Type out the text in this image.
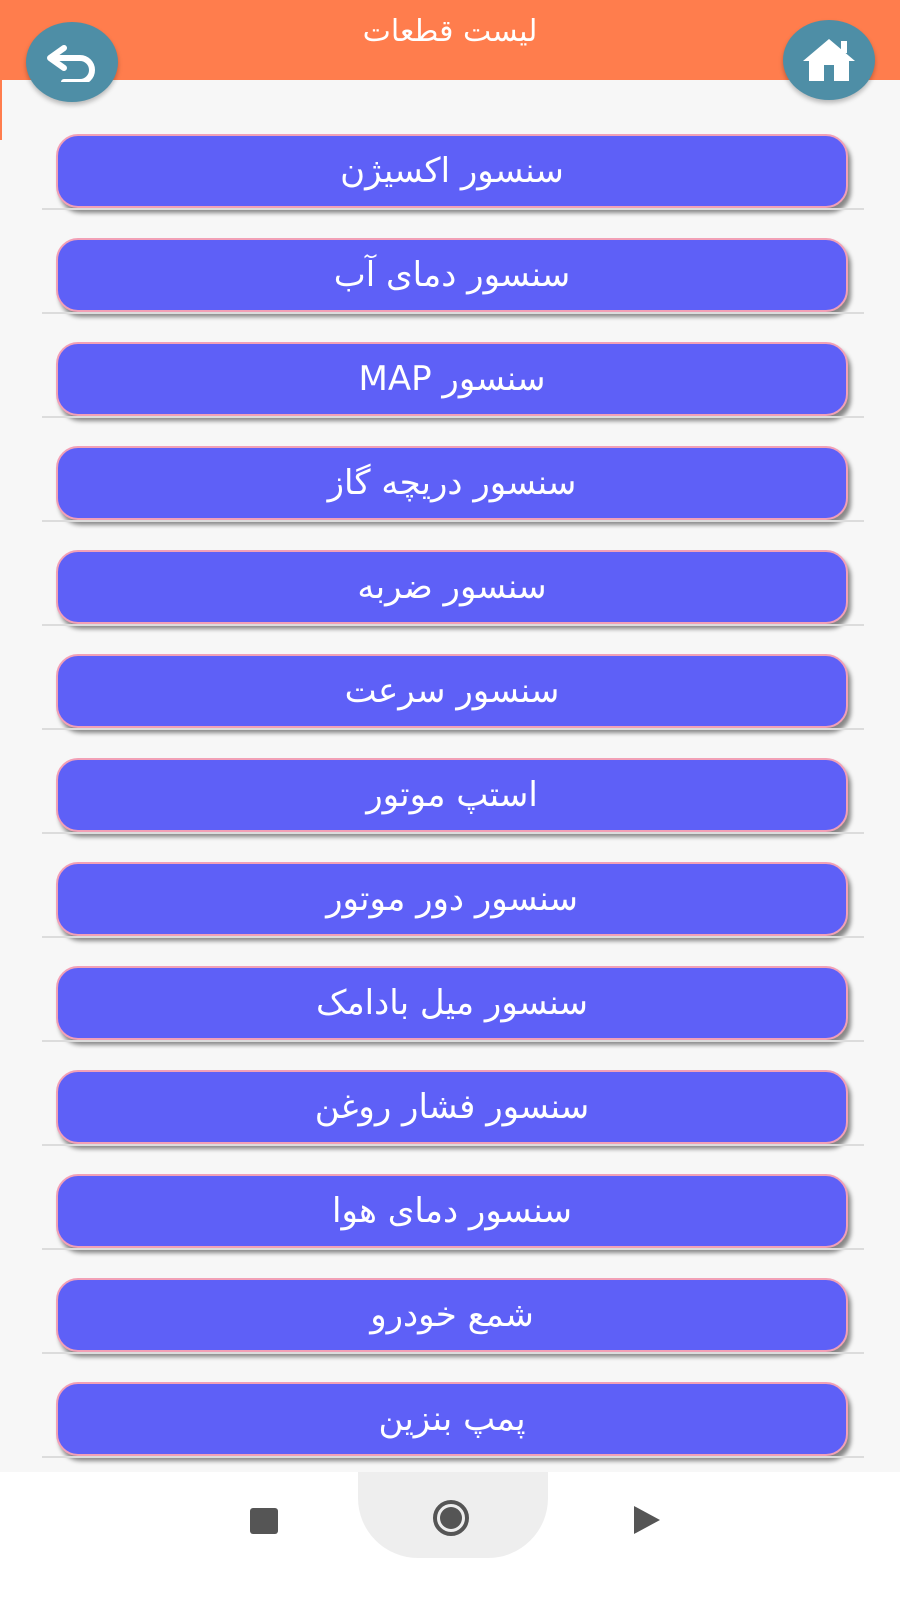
لیست قطعات
سنسور اکسیژن
سنسور دمای آب
سنسور MAP
سنسور دریچه گاز
سنسور ضربه
سنسور سرعت
استپ موتور
سنسور دور موتور
سنسور میل بادامک
سنسور فشار روغن
سنسور دمای هوا
شمع خودرو
پمپ بنزین
